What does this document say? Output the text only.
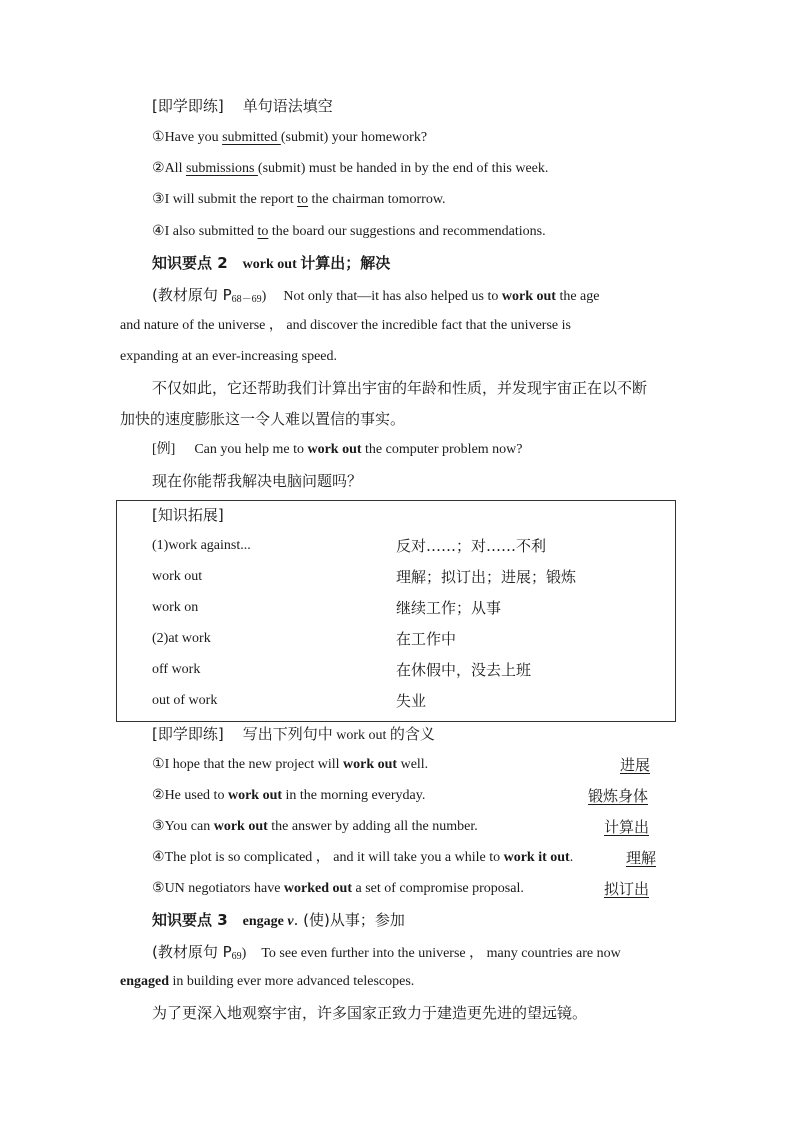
[即学即练] 单句语法填空
①Have you submitted (submit) your homework?
②All submissions (submit) must be handed in by the end of this week.
③I will submit the report to the chairman tomorrow.
④I also submitted to the board our suggestions and recommendations.
知识要点 2 work out 计算出；解决
(教材原句 $P_{68-69}$) Not only that—it has also helped us to work out the age
and nature of the universe ， and discover the incredible fact that the universe is
expanding at an ever-increasing speed.
不仅如此，它还帮助我们计算出宇宙的年龄和性质，并发现宇宙正在以不断
加快的速度膨胀这一令人难以置信的事实。
[例] Can you help me to work out the computer problem now?
现在你能帮我解决电脑问题吗？
[知识拓展]
(1)work against...	反对……；对……不利
work out	理解；拟订出；进展；锻炼
work on	继续工作；从事
(2)at work	在工作中
off work	在休假中，没去上班
out of work	失业
[即学即练] 写出下列句中 work out 的含义
①I hope that the new project will work out well.	进展
②He used to work out in the morning everyday.	锻炼身体
③You can work out the answer by adding all the number.	计算出
④The plot is so complicated ， and it will take you a while to work it out.	理解
⑤UN negotiators have worked out a set of compromise proposal.	拟订出
知识要点 3 engage v. (使)从事；参加
(教材原句 $P_{69}$) To see even further into the universe ， many countries are now
engaged in building ever more advanced telescopes.
为了更深入地观察宇宙，许多国家正致力于建造更先进的望远镜。
